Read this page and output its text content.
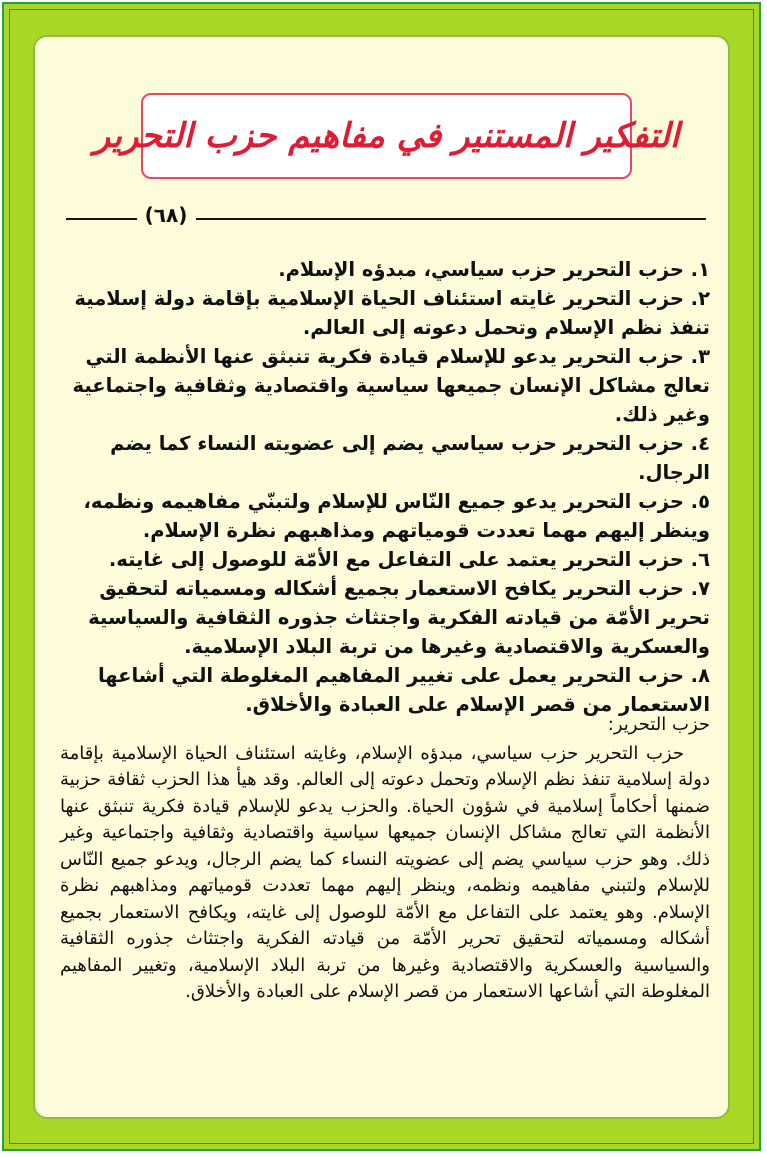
التفكير المستنير في مفاهيم حزب التحرير
(٦٨)
١. حزب التحرير حزب سياسي، مبدؤه الإسلام.
٢. حزب التحرير غايته استئناف الحياة الإسلامية بإقامة دولة إسلامية تنفذ نظم الإسلام وتحمل دعوته إلى العالم.
٣. حزب التحرير يدعو للإسلام قيادة فكرية تنبثق عنها الأنظمة التي تعالج مشاكل الإنسان جميعها سياسية واقتصادية وثقافية واجتماعية وغير ذلك.
٤. حزب التحرير حزب سياسي يضم إلى عضويته النساء كما يضم الرجال.
٥. حزب التحرير يدعو جميع النّاس للإسلام ولتبنّي مفاهيمه ونظمه، وينظر إليهم مهما تعددت قومياتهم ومذاهبهم نظرة الإسلام.
٦. حزب التحرير يعتمد على التفاعل مع الأمّة للوصول إلى غايته.
٧. حزب التحرير يكافح الاستعمار بجميع أشكاله ومسمياته لتحقيق تحرير الأمّة من قيادته الفكرية واجتثاث جذوره الثقافية والسياسية والعسكرية والاقتصادية وغيرها من تربة البلاد الإسلامية.
٨. حزب التحرير يعمل على تغيير المفاهيم المغلوطة التي أشاعها الاستعمار من قصر الإسلام على العبادة والأخلاق.
حزب التحرير:

حزب التحرير حزب سياسي، مبدؤه الإسلام، وغايته استئناف الحياة الإسلامية بإقامة دولة إسلامية تنفذ نظم الإسلام وتحمل دعوته إلى العالم. وقد هيأ هذا الحزب ثقافة حزبية ضمنها أحكاماً إسلامية في شؤون الحياة. والحزب يدعو للإسلام قيادة فكرية تنبثق عنها الأنظمة التي تعالج مشاكل الإنسان جميعها سياسية واقتصادية وثقافية واجتماعية وغير ذلك. وهو حزب سياسي يضم إلى عضويته النساء كما يضم الرجال، ويدعو جميع النّاس للإسلام ولتبني مفاهيمه ونظمه، وينظر إليهم مهما تعددت قومياتهم ومذاهبهم نظرة الإسلام. وهو يعتمد على التفاعل مع الأمّة للوصول إلى غايته، ويكافح الاستعمار بجميع أشكاله ومسمياته لتحقيق تحرير الأمّة من قيادته الفكرية واجتثاث جذوره الثقافية والسياسية والعسكرية والاقتصادية وغيرها من تربة البلاد الإسلامية، وتغيير المفاهيم المغلوطة التي أشاعها الاستعمار من قصر الإسلام على العبادة والأخلاق.
